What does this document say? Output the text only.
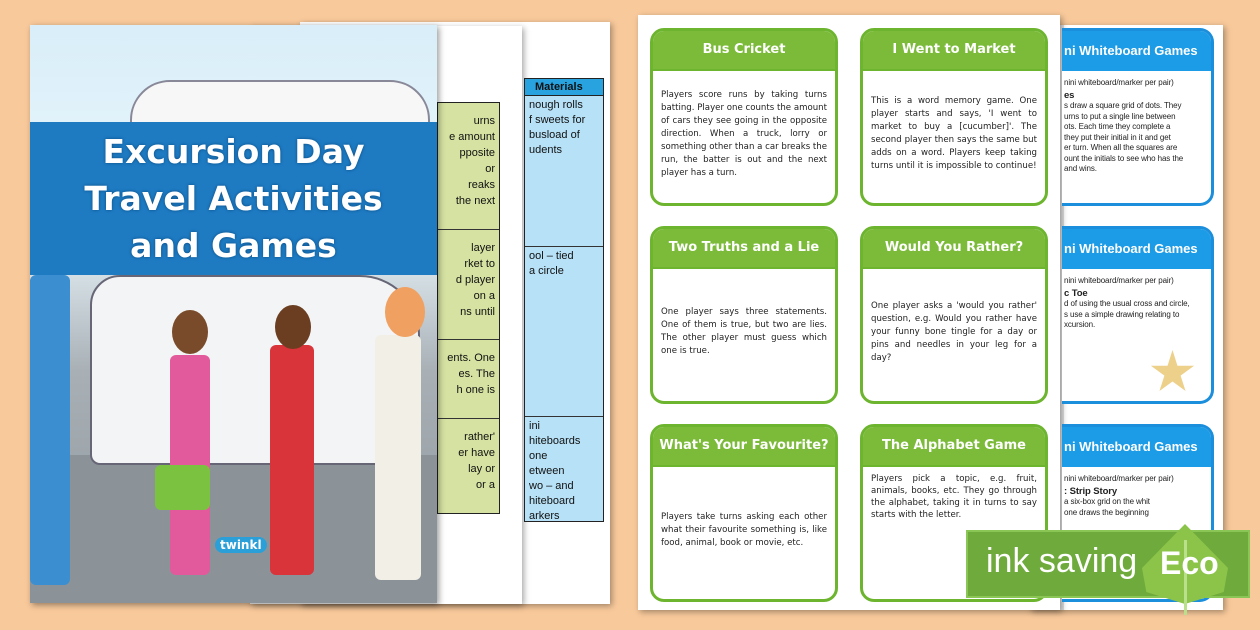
Materials
nough rolls
f sweets for
busload of
udents
ool – tied
a circle
ini
hiteboards
one
etween
wo – and
hiteboard
arkers
urns
e amount
pposite
or
reaks
the next
layer
rket to
d player
on a
ns until
ents. One
es. The
h one is
rather'
er have
lay or
or a
Excursion Day
Travel Activities
and Games
twinkl
ni Whiteboard Games
nini whiteboard/marker per pair)
es
s draw a square grid of dots. They
urns to put a single line between
ots. Each time they complete a
they put their initial in it and get
er turn. When all the squares are
ount the initials to see who has the
and wins.
ni Whiteboard Games
nini whiteboard/marker per pair)
c Toe
d of using the usual cross and circle,
s use a simple drawing relating to
xcursion.
ni Whiteboard Games
nini whiteboard/marker per pair)
: Strip Story
a six-box grid on the whit
one draws the beginning
Bus Cricket
Players score runs by taking turns batting. Player one counts the amount of cars they see going in the opposite direction. When a truck, lorry or something other than a car breaks the run, the batter is out and the next player has a turn.
I Went to Market
This is a word memory game. One player starts and says, 'I went to market to buy a [cucumber]'. The second player then says the same but adds on a word. Players keep taking turns until it is impossible to continue!
Two Truths and a Lie
One player says three statements. One of them is true, but two are lies. The other player must guess which one is true.
Would You Rather?
One player asks a 'would you rather' question, e.g. Would you rather have your funny bone tingle for a day or pins and needles in your leg for a day?
What's Your Favourite?
Players take turns asking each other what their favourite something is, like food, animal, book or movie, etc.
The Alphabet Game
Players pick a topic, e.g. fruit, animals, books, etc. They go through the alphabet, taking it in turns to say starts with the letter.
ink saving Eco
